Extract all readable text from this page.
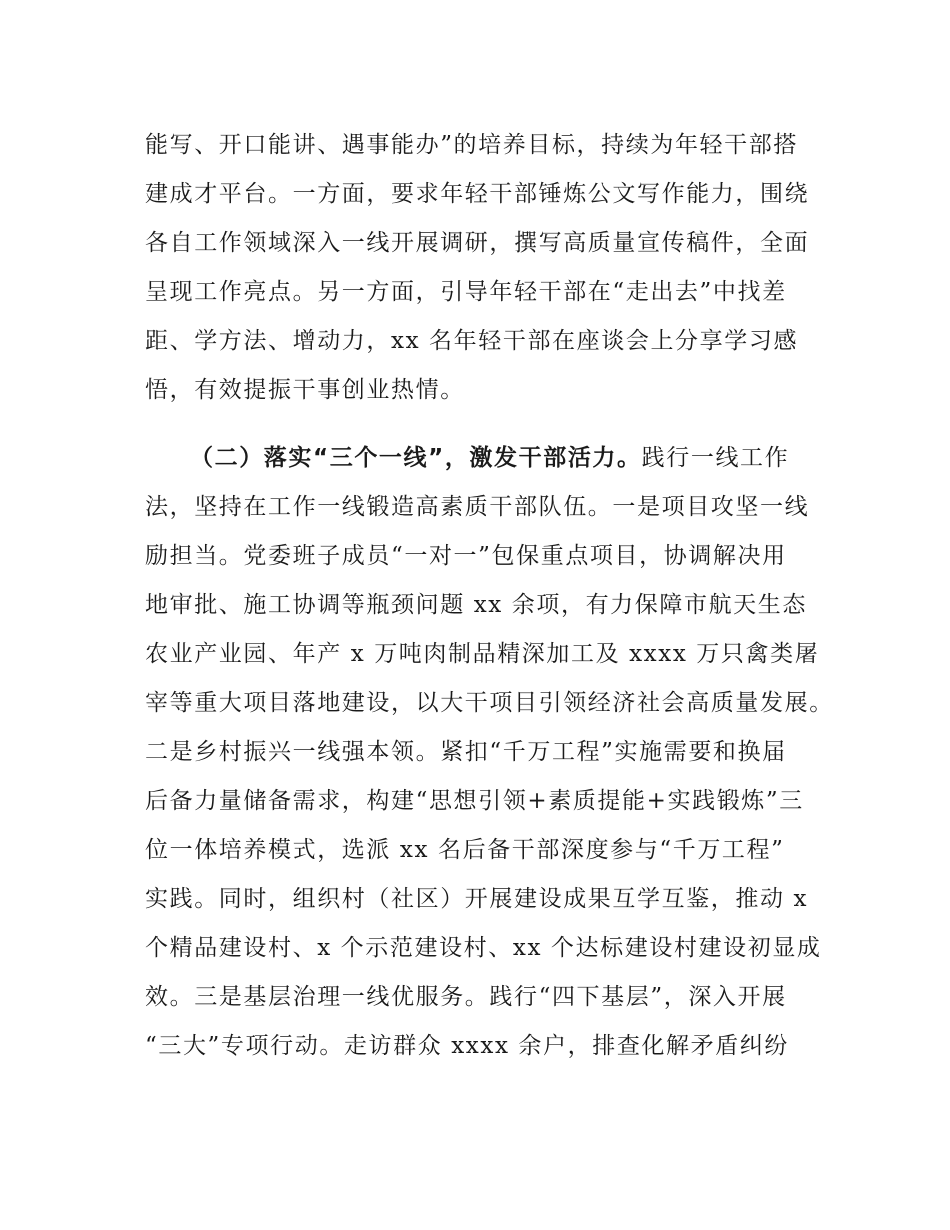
能写、开口能讲、遇事能办”的培养目标，持续为年轻干部搭
建成才平台。一方面，要求年轻干部锤炼公文写作能力，围绕
各自工作领域深入一线开展调研，撰写高质量宣传稿件，全面
呈现工作亮点。另一方面，引导年轻干部在“走出去”中找差
距、学方法、增动力，xx 名年轻干部在座谈会上分享学习感
悟，有效提振干事创业热情。
（二）落实“三个一线”，激发干部活力。践行一线工作
法，坚持在工作一线锻造高素质干部队伍。一是项目攻坚一线
励担当。党委班子成员“一对一”包保重点项目，协调解决用
地审批、施工协调等瓶颈问题 xx 余项，有力保障市航天生态
农业产业园、年产 x 万吨肉制品精深加工及 xxxx 万只禽类屠
宰等重大项目落地建设，以大干项目引领经济社会高质量发展。
二是乡村振兴一线强本领。紧扣“千万工程”实施需要和换届
后备力量储备需求，构建“思想引领+素质提能+实践锻炼”三
位一体培养模式，选派 xx 名后备干部深度参与“千万工程”
实践。同时，组织村（社区）开展建设成果互学互鉴，推动 x
个精品建设村、x 个示范建设村、xx 个达标建设村建设初显成
效。三是基层治理一线优服务。践行“四下基层”，深入开展
“三大”专项行动。走访群众 xxxx 余户，排查化解矛盾纠纷
